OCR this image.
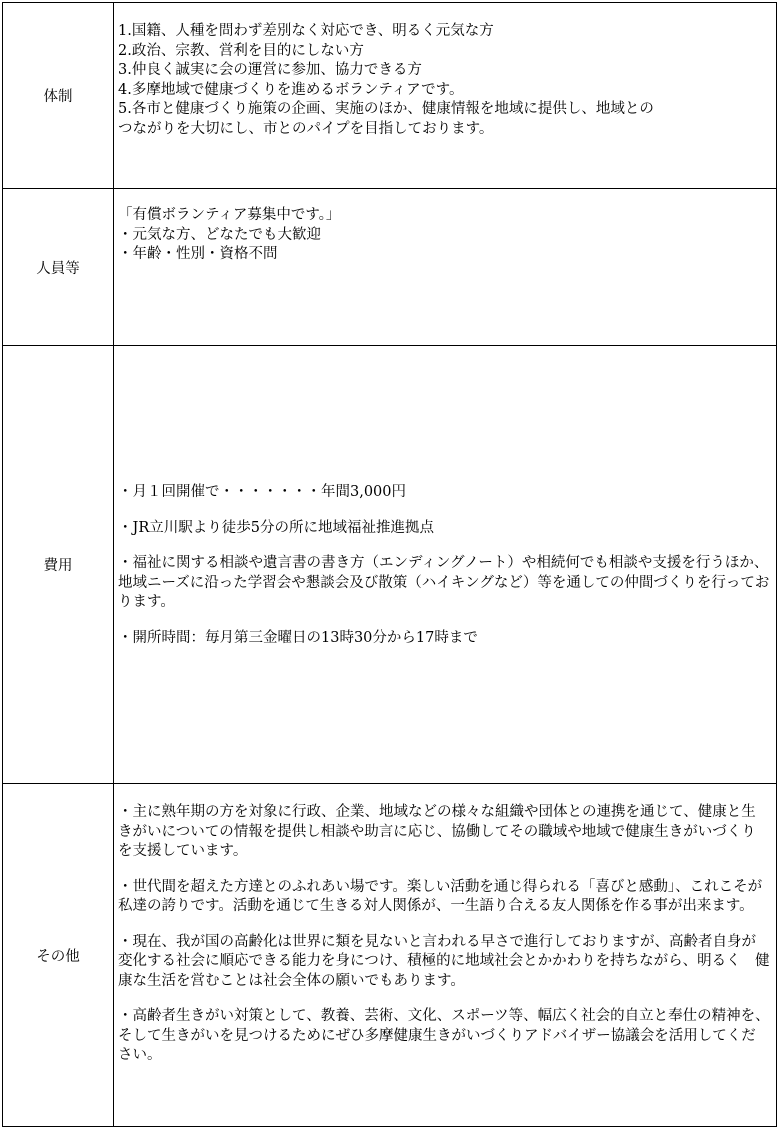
体制
1.国籍、人種を問わず差別なく対応でき、明るく元気な方
2.政治、宗教、営利を目的にしない方
3.仲良く誠実に会の運営に参加、協力できる方
4.多摩地域で健康づくりを進めるボランティアです。
5.各市と健康づくり施策の企画、実施のほか、健康情報を地域に提供し、地域との
つながりを大切にし、市とのパイプを目指しております。
人員等
「有償ボランティア募集中です。」
・元気な方、どなたでも大歓迎
・年齢・性別・資格不問
費用

・月１回開催で・・・・・・・年間3,000円

・JR立川駅より徒歩5分の所に地域福祉推進拠点

・福祉に関する相談や遺言書の書き方（エンディングノート）や相続何でも相談や支援を行うほか、地域ニーズに沿った学習会や懇談会及び散策（ハイキングなど）等を通しての仲間づくりを行っております。

・開所時間：毎月第三金曜日の13時30分から17時まで

その他

・主に熟年期の方を対象に行政、企業、地域などの様々な組織や団体との連携を通じて、健康と生きがいについての情報を提供し相談や助言に応じ、協働してその職域や地域で健康生きがいづくりを支援しています。

・世代間を超えた方達とのふれあい場です。楽しい活動を通じ得られる「喜びと感動」、これこそが私達の誇りです。活動を通じて生きる対人関係が、一生語り合える友人関係を作る事が出来ます。

・現在、我が国の高齢化は世界に類を見ないと言われる早さで進行しておりますが、高齢者自身が変化する社会に順応できる能力を身につけ、積極的に地域社会とかかわりを持ちながら、明るく　健康な生活を営むことは社会全体の願いでもあります。

・高齢者生きがい対策として、教養、芸術、文化、スポーツ等、幅広く社会的自立と奉仕の精神を、そして生きがいを見つけるためにぜひ多摩健康生きがいづくりアドバイザー協議会を活用してください。
